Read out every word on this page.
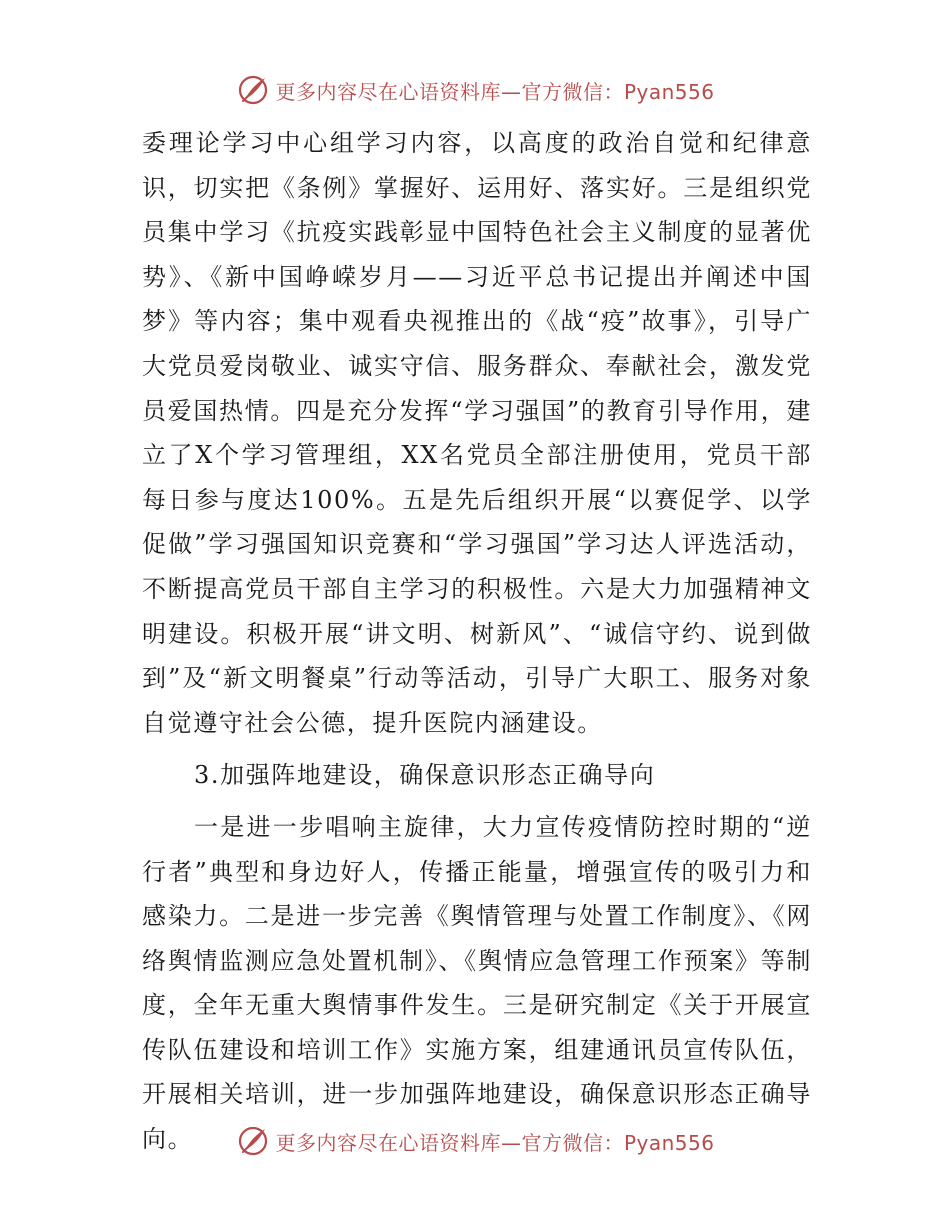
更多内容尽在心语资料库—官方微信：Pyan556

委理论学习中心组学习内容，以高度的政治自觉和纪律意识，切实把《条例》掌握好、运用好、落实好。三是组织党员集中学习《抗疫实践彰显中国特色社会主义制度的显著优势》、《新中国峥嵘岁月——习近平总书记提出并阐述中国梦》等内容；集中观看央视推出的《战“疫”故事》，引导广大党员爱岗敬业、诚实守信、服务群众、奉献社会，激发党员爱国热情。四是充分发挥“学习强国”的教育引导作用，建立了X个学习管理组，XX名党员全部注册使用，党员干部每日参与度达100%。五是先后组织开展“以赛促学、以学促做”学习强国知识竞赛和“学习强国”学习达人评选活动，不断提高党员干部自主学习的积极性。六是大力加强精神文明建设。积极开展“讲文明、树新风”、“诚信守约、说到做到”及“新文明餐桌”行动等活动，引导广大职工、服务对象自觉遵守社会公德，提升医院内涵建设。

3.加强阵地建设，确保意识形态正确导向

一是进一步唱响主旋律，大力宣传疫情防控时期的“逆行者”典型和身边好人，传播正能量，增强宣传的吸引力和感染力。二是进一步完善《舆情管理与处置工作制度》、《网络舆情监测应急处置机制》、《舆情应急管理工作预案》等制度，全年无重大舆情事件发生。三是研究制定《关于开展宣传队伍建设和培训工作》实施方案，组建通讯员宣传队伍，开展相关培训，进一步加强阵地建设，确保意识形态正确导向。	更多内容尽在心语资料库—官方微信：Pyan556
